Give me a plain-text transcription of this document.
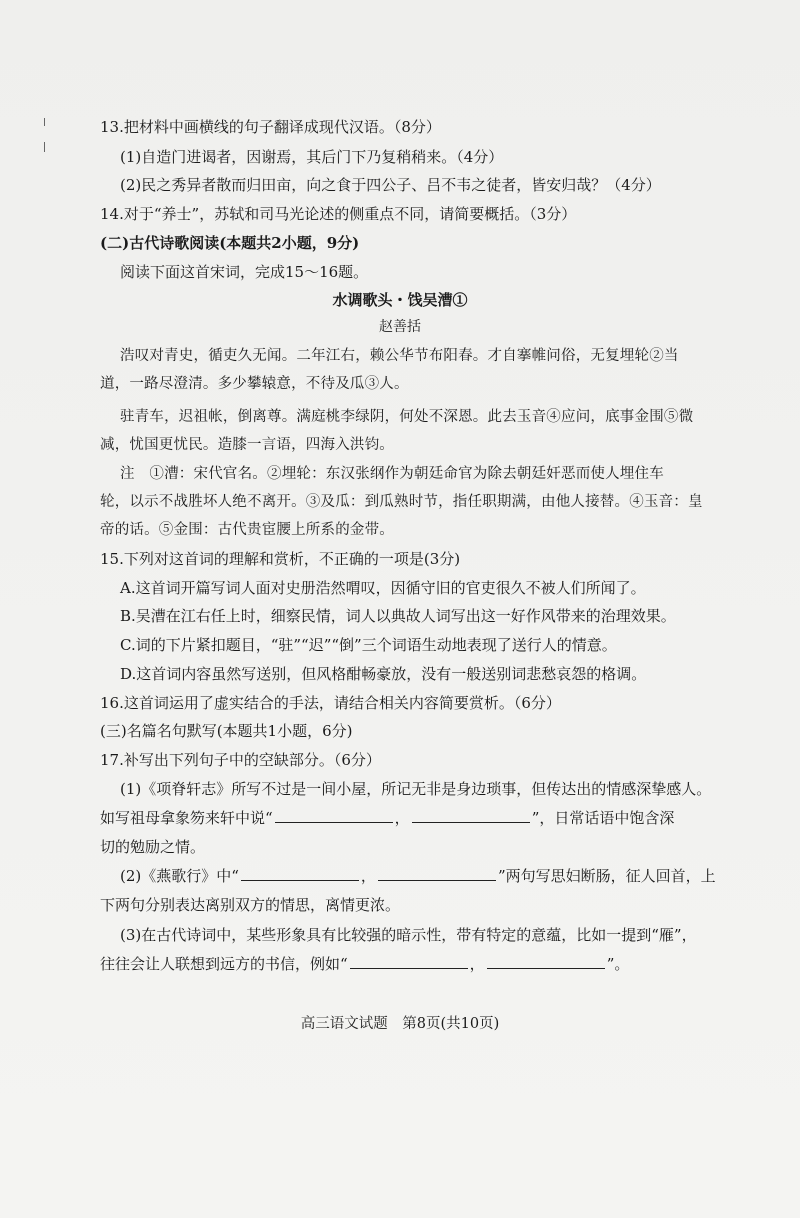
13.把材料中画横线的句子翻译成现代汉语。（8分）
(1)自造门进谒者，因谢焉，其后门下乃复稍稍来。（4分）
(2)民之秀异者散而归田亩，向之食于四公子、吕不韦之徒者，皆安归哉？（4分）
14.对于“养士”，苏轼和司马光论述的侧重点不同，请简要概括。（3分）
(二)古代诗歌阅读(本题共2小题，9分)
阅读下面这首宋词，完成15～16题。
水调歌头・饯吴漕①
赵善括
浩叹对青史，循吏久无闻。二年江右，赖公华节布阳春。才自搴帷问俗，无复埋轮②当
道，一路尽澄清。多少攀辕意，不待及瓜③人。
驻青车，迟祖帐，倒离尊。满庭桃李绿阴，何处不深恩。此去玉音④应问，底事金围⑤微
减，忧国更忧民。造膝一言语，四海入洪钧。
注　①漕：宋代官名。②埋轮：东汉张纲作为朝廷命官为除去朝廷奸恶而使人埋住车
轮，以示不战胜坏人绝不离开。③及瓜：到瓜熟时节，指任职期满，由他人接替。④玉音：皇
帝的话。⑤金围：古代贵宦腰上所系的金带。
15.下列对这首词的理解和赏析，不正确的一项是(3分)
A.这首词开篇写词人面对史册浩然喟叹，因循守旧的官吏很久不被人们所闻了。
B.吴漕在江右任上时，细察民情，词人以典故人词写出这一好作风带来的治理效果。
C.词的下片紧扣题目，“驻”“迟”“倒”三个词语生动地表现了送行人的情意。
D.这首词内容虽然写送别，但风格酣畅豪放，没有一般送别词悲愁哀怨的格调。
16.这首词运用了虚实结合的手法，请结合相关内容简要赏析。（6分）
(三)名篇名句默写(本题共1小题，6分)
17.补写出下列句子中的空缺部分。（6分）
(1)《项脊轩志》所写不过是一间小屋，所记无非是身边琐事，但传达出的情感深挚感人。
如写祖母拿象笏来轩中说“	，	”，日常话语中饱含深
切的勉励之情。
(2)《燕歌行》中“	，	”两句写思妇断肠，征人回首，上
下两句分别表达离别双方的情思，离情更浓。
(3)在古代诗词中，某些形象具有比较强的暗示性，带有特定的意蕴，比如一提到“雁”，
往往会让人联想到远方的书信，例如“	，	”。
高三语文试题　第8页(共10页)
